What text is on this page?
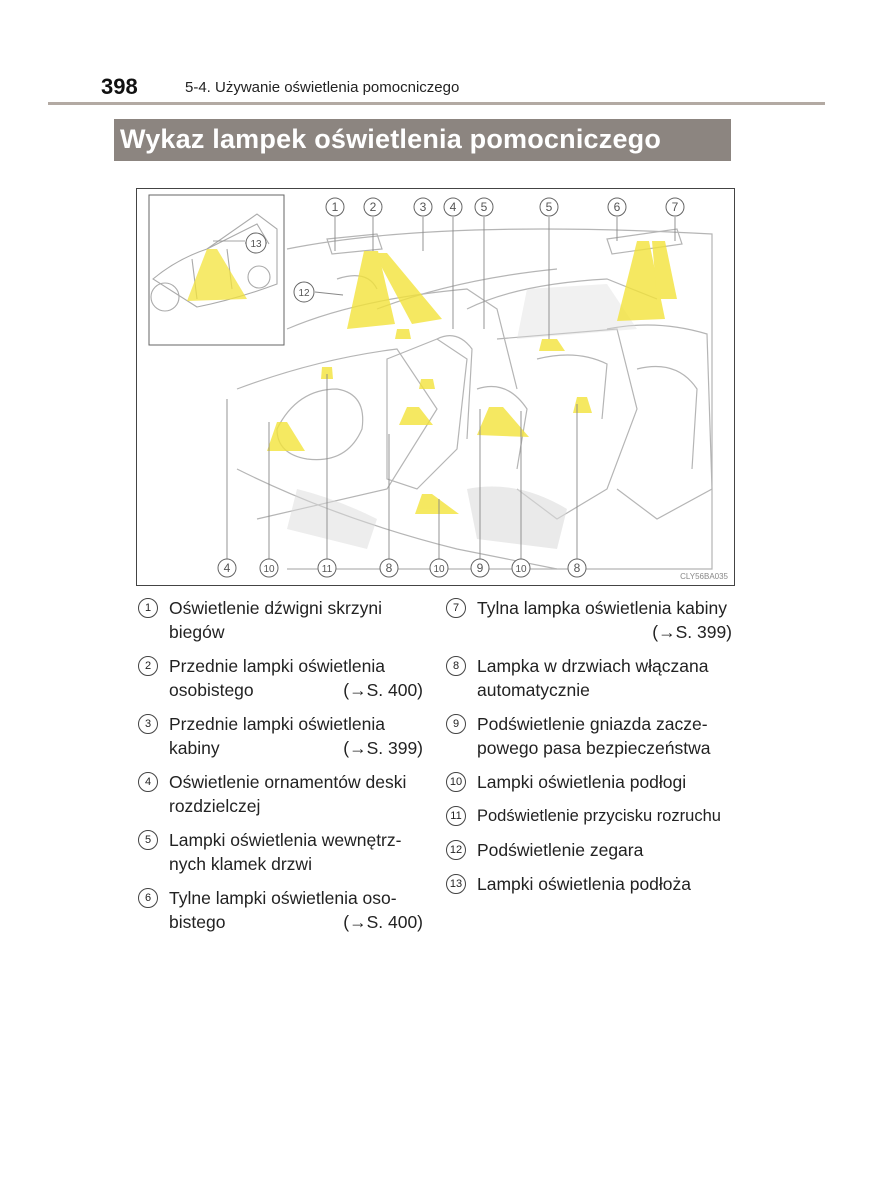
398	5-4. Używanie oświetlenia pomocniczego
Wykaz lampek oświetlenia pomocniczego
1	2	3 4 5	5	6	7
4	10	11	8	10	9	10	8
13
12
CLY56BA035
1	Oświetlenie dźwigni skrzyni
biegów
2	Przednie lampki oświetlenia
osobistego	(→S. 400)
3	Przednie lampki oświetlenia
kabiny	(→S. 399)
4	Oświetlenie ornamentów deski
rozdzielczej
5	Lampki oświetlenia wewnętrz-
nych klamek drzwi
6	Tylne lampki oświetlenia oso-
bistego	(→S. 400)
7	Tylna lampka oświetlenia kabiny
(→S. 399)
8	Lampka w drzwiach włączana
automatycznie
9	Podświetlenie gniazda zacze-
powego pasa bezpieczeństwa
10 Lampki oświetlenia podłogi
11 Podświetlenie przycisku rozruchu
12 Podświetlenie zegara
13 Lampki oświetlenia podłoża
